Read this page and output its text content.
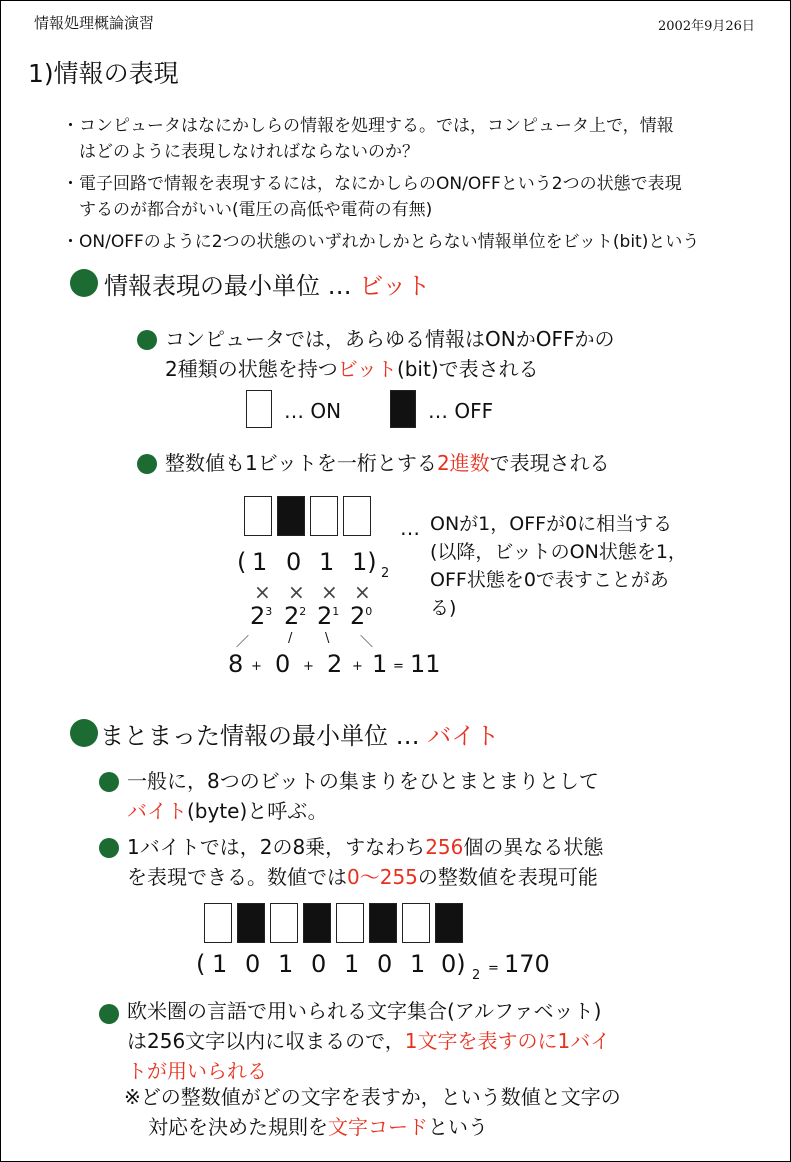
情報処理概論演習	2002年9月26日
1)情報の表現
・コンピュータはなにかしらの情報を処理する。では，コンピュータ上で，情報
はどのように表現しなければならないのか？
・電子回路で情報を表現するには，なにかしらのON/OFFという2つの状態で表現
するのが都合がいい(電圧の高低や電荷の有無)
・ON/OFFのように2つの状態のいずれかしかとらない情報単位をビット(bit)という
情報表現の最小単位 … ビット
コンピュータでは，あらゆる情報はONかOFFかの
2種類の状態を持つビット(bit)で表される
… ON	… OFF
整数値も1ビットを一桁とする2進数で表現される
( 1 0 1 1) 2
× × × ×
$2^3$ $2^2$ $2^1$ $2^0$
／	/	\ ＼
8 + 0 + 2 + 1 = 11
… ONが1，OFFが0に相当する
(以降，ビットのON状態を1，
OFF状態を0で表すことがあ
る)
まとまった情報の最小単位 … バイト
一般に，8つのビットの集まりをひとまとまりとして
バイト(byte)と呼ぶ。
1バイトでは，2の8乗，すなわち256個の異なる状態
を表現できる。数値では0〜255の整数値を表現可能
( 1 0 1 0 1 0 1 0) 2 = 170
欧米圏の言語で用いられる文字集合(アルファベット)
は256文字以内に収まるので，1文字を表すのに1バイ
トが用いられる
※どの整数値がどの文字を表すか，という数値と文字の
対応を決めた規則を文字コードという
